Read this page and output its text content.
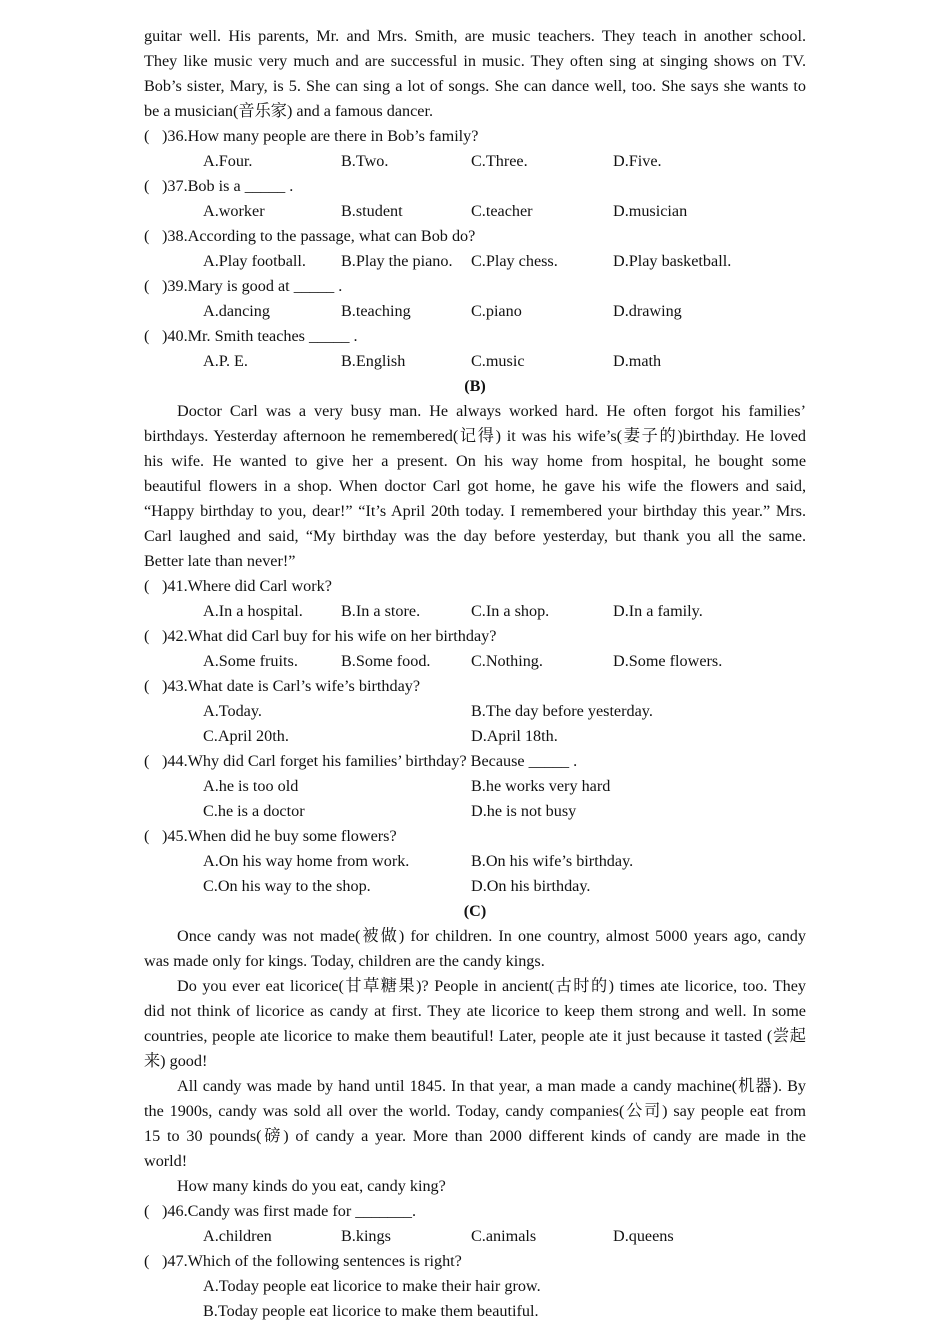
guitar well. His parents, Mr. and Mrs. Smith, are music teachers. They teach in another school.
They like music very much and are successful in music. They often sing at singing shows on TV.
Bob’s sister, Mary, is 5. She can sing a lot of songs. She can dance well, too. She says she wants to
be a musician(音乐家) and a famous dancer.
( )36.How many people are there in Bob’s family?
A.Four.	B.Two.	C.Three.	D.Five.
( )37.Bob is a _____ .
A.worker	B.student	C.teacher	D.musician
( )38.According to the passage, what can Bob do?
A.Play football. B.Play the piano. C.Play chess.	D.Play basketball.
( )39.Mary is good at _____ .
A.dancing	B.teaching	C.piano	D.drawing
( )40.Mr. Smith teaches _____ .
A.P. E.	B.English	C.music	D.math
(B)
Doctor Carl was a very busy man. He always worked hard. He often forgot his families’
birthdays. Yesterday afternoon he remembered(记得) it was his wife’s(妻子的)birthday. He loved
his wife. He wanted to give her a present. On his way home from hospital, he bought some
beautiful flowers in a shop. When doctor Carl got home, he gave his wife the flowers and said,
“Happy birthday to you, dear!” “It’s April 20th today. I remembered your birthday this year.” Mrs.
Carl laughed and said, “My birthday was the day before yesterday, but thank you all the same.
Better late than never!”
( )41.Where did Carl work?
A.In a hospital. B.In a store.	C.In a shop.	D.In a family.
( )42.What did Carl buy for his wife on her birthday?
A.Some fruits.	B.Some food.	C.Nothing.	D.Some flowers.
( )43.What date is Carl’s wife’s birthday?
A.Today.	B.The day before yesterday.
C.April 20th.	D.April 18th.
( )44.Why did Carl forget his families’ birthday? Because _____ .
A.he is too old	B.he works very hard
C.he is a doctor	D.he is not busy
( )45.When did he buy some flowers?
A.On his way home from work.	B.On his wife’s birthday.
C.On his way to the shop.	D.On his birthday.
(C)
Once candy was not made(被做) for children. In one country, almost 5000 years ago, candy
was made only for kings. Today, children are the candy kings.
Do you ever eat licorice(甘草糖果)? People in ancient(古时的) times ate licorice, too. They
did not think of licorice as candy at first. They ate licorice to keep them strong and well. In some
countries, people ate licorice to make them beautiful! Later, people ate it just because it tasted (尝起
来) good!
All candy was made by hand until 1845. In that year, a man made a candy machine(机器). By
the 1900s, candy was sold all over the world. Today, candy companies(公司) say people eat from
15 to 30 pounds(磅) of candy a year. More than 2000 different kinds of candy are made in the
world!
How many kinds do you eat, candy king?
( )46.Candy was first made for _______.
A.children	B.kings	C.animals	D.queens
( )47.Which of the following sentences is right?
A.Today people eat licorice to make their hair grow.
B.Today people eat licorice to make them beautiful.
